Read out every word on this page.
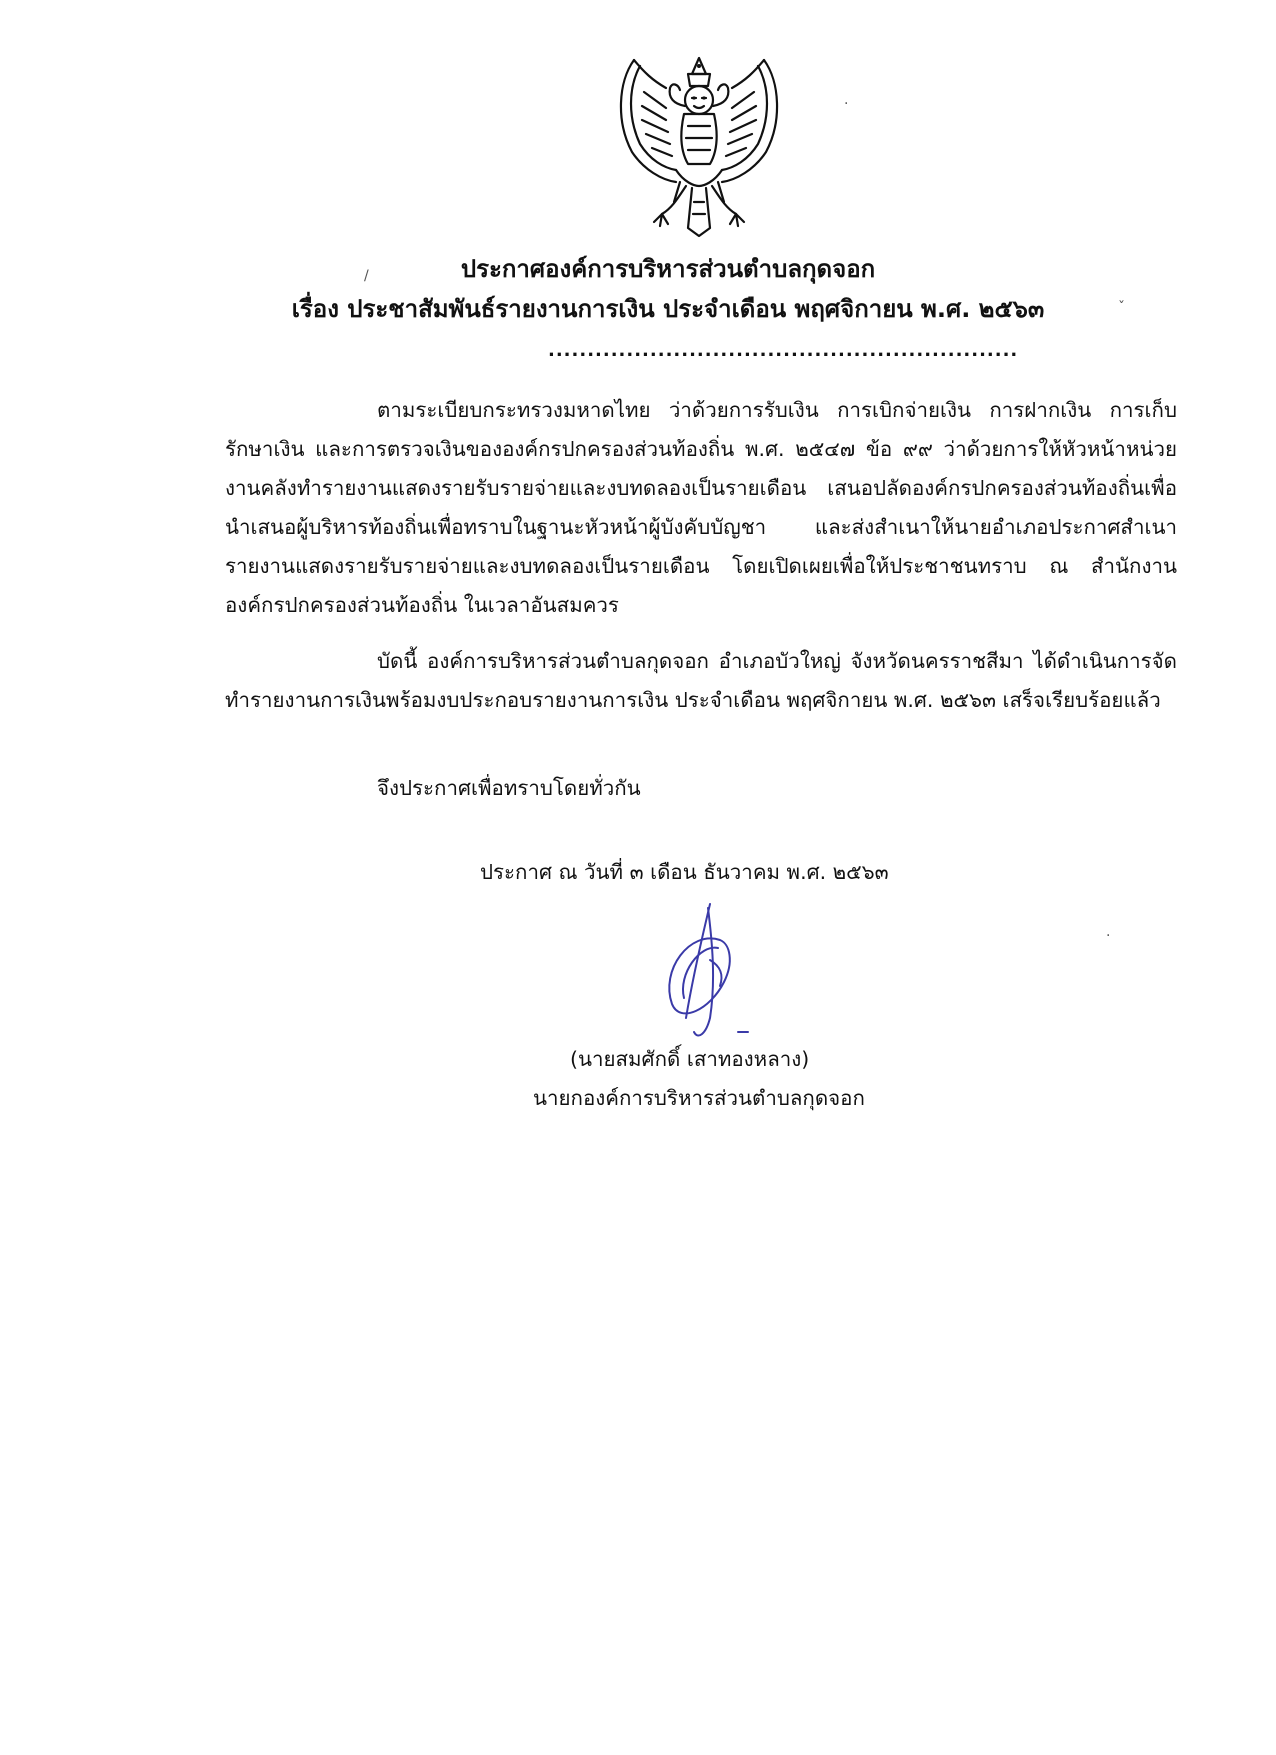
ประกาศองค์การบริหารส่วนตำบลกุดจอก
เรื่อง ประชาสัมพันธ์รายงานการเงิน ประจำเดือน พฤศจิกายน พ.ศ. ๒๕๖๓
............................................................
ตามระเบียบกระทรวงมหาดไทย ว่าด้วยการรับเงิน การเบิกจ่ายเงิน การฝากเงิน การเก็บรักษาเงิน และการตรวจเงินขององค์กรปกครองส่วนท้องถิ่น พ.ศ. ๒๕๔๗ ข้อ ๙๙ ว่าด้วยการให้หัวหน้าหน่วยงานคลังทำรายงานแสดงรายรับรายจ่ายและงบทดลองเป็นรายเดือน เสนอปลัดองค์กรปกครองส่วนท้องถิ่นเพื่อนำเสนอผู้บริหารท้องถิ่นเพื่อทราบในฐานะหัวหน้าผู้บังคับบัญชา และส่งสำเนาให้นายอำเภอประกาศสำเนารายงานแสดงรายรับรายจ่ายและงบทดลองเป็นรายเดือน โดยเปิดเผยเพื่อให้ประชาชนทราบ ณ สำนักงานองค์กรปกครองส่วนท้องถิ่น ในเวลาอันสมควร
บัดนี้ องค์การบริหารส่วนตำบลกุดจอก อำเภอบัวใหญ่ จังหวัดนครราชสีมา ได้ดำเนินการจัดทำรายงานการเงินพร้อมงบประกอบรายงานการเงิน ประจำเดือน พฤศจิกายน พ.ศ. ๒๕๖๓ เสร็จเรียบร้อยแล้ว
จึงประกาศเพื่อทราบโดยทั่วกัน
ประกาศ ณ วันที่ ๓ เดือน ธันวาคม พ.ศ. ๒๕๖๓
(นายสมศักดิ์ เสาทองหลาง)
นายกองค์การบริหารส่วนตำบลกุดจอก
/
ˇ
·
·
